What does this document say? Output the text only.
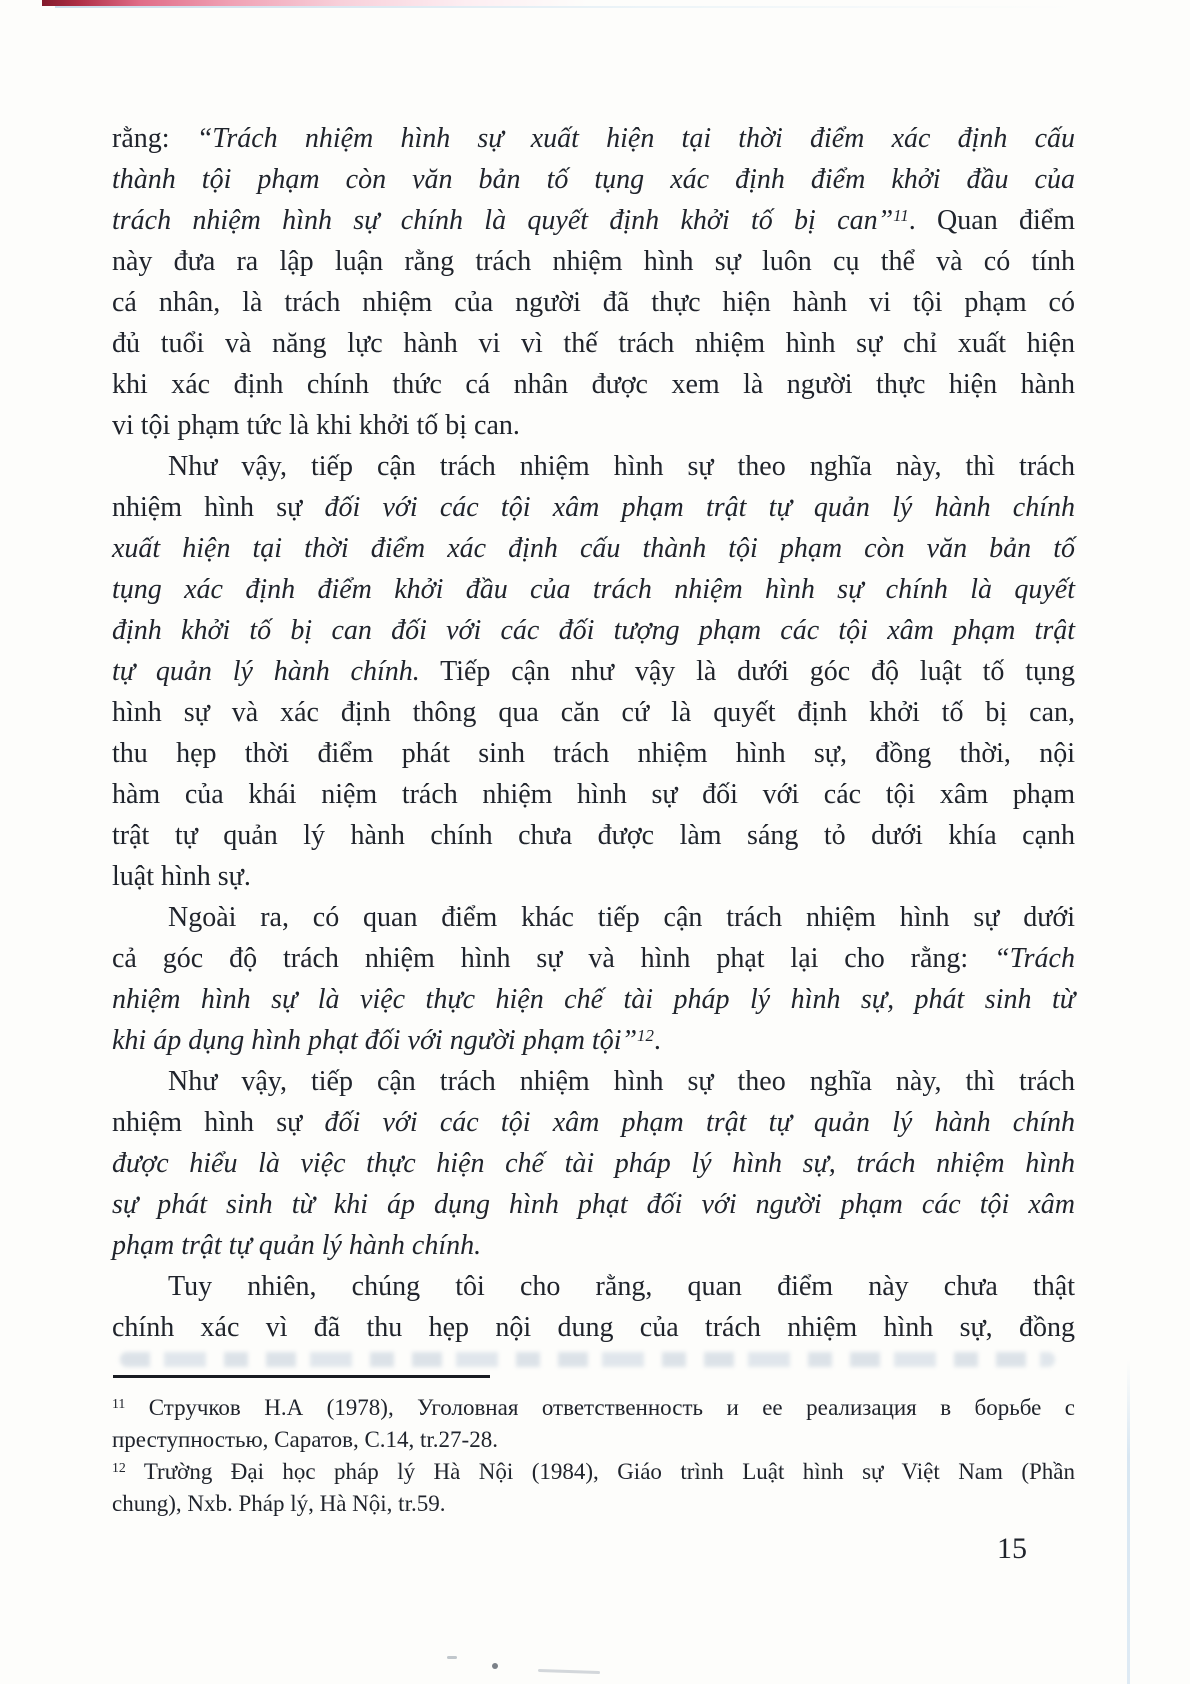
rằng: “Trách nhiệm hình sự xuất hiện tại thời điểm xác định cấu
thành tội phạm còn văn bản tố tụng xác định điểm khởi đầu của
trách nhiệm hình sự chính là quyết định khởi tố bị can”$^{11}$. Quan điểm
này đưa ra lập luận rằng trách nhiệm hình sự luôn cụ thể và có tính
cá nhân, là trách nhiệm của người đã thực hiện hành vi tội phạm có
đủ tuổi và năng lực hành vi vì thế trách nhiệm hình sự chỉ xuất hiện
khi xác định chính thức cá nhân được xem là người thực hiện hành
vi tội phạm tức là khi khởi tố bị can.
Như vậy, tiếp cận trách nhiệm hình sự theo nghĩa này, thì trách
nhiệm hình sự đối với các tội xâm phạm trật tự quản lý hành chính
xuất hiện tại thời điểm xác định cấu thành tội phạm còn văn bản tố
tụng xác định điểm khởi đầu của trách nhiệm hình sự chính là quyết
định khởi tố bị can đối với các đối tượng phạm các tội xâm phạm trật
tự quản lý hành chính. Tiếp cận như vậy là dưới góc độ luật tố tụng
hình sự và xác định thông qua căn cứ là quyết định khởi tố bị can,
thu hẹp thời điểm phát sinh trách nhiệm hình sự, đồng thời, nội
hàm của khái niệm trách nhiệm hình sự đối với các tội xâm phạm
trật tự quản lý hành chính chưa được làm sáng tỏ dưới khía cạnh
luật hình sự.
Ngoài ra, có quan điểm khác tiếp cận trách nhiệm hình sự dưới
cả góc độ trách nhiệm hình sự và hình phạt lại cho rằng: “Trách
nhiệm hình sự là việc thực hiện chế tài pháp lý hình sự, phát sinh từ
khi áp dụng hình phạt đối với người phạm tội”$^{12}$.
Như vậy, tiếp cận trách nhiệm hình sự theo nghĩa này, thì trách
nhiệm hình sự đối với các tội xâm phạm trật tự quản lý hành chính
được hiểu là việc thực hiện chế tài pháp lý hình sự, trách nhiệm hình
sự phát sinh từ khi áp dụng hình phạt đối với người phạm các tội xâm
phạm trật tự quản lý hành chính.
Tuy nhiên, chúng tôi cho rằng, quan điểm này chưa thật
chính xác vì đã thu hẹp nội dung của trách nhiệm hình sự, đồng
$^{11}$ Стручков Н.А (1978), Уголовная ответственность и ее реализация в борьбе с
преступностью, Саратов, С.14, tr.27-28.
$^{12}$ Trường Đại học pháp lý Hà Nội (1984), Giáo trình Luật hình sự Việt Nam (Phần
chung), Nxb. Pháp lý, Hà Nội, tr.59.
15
